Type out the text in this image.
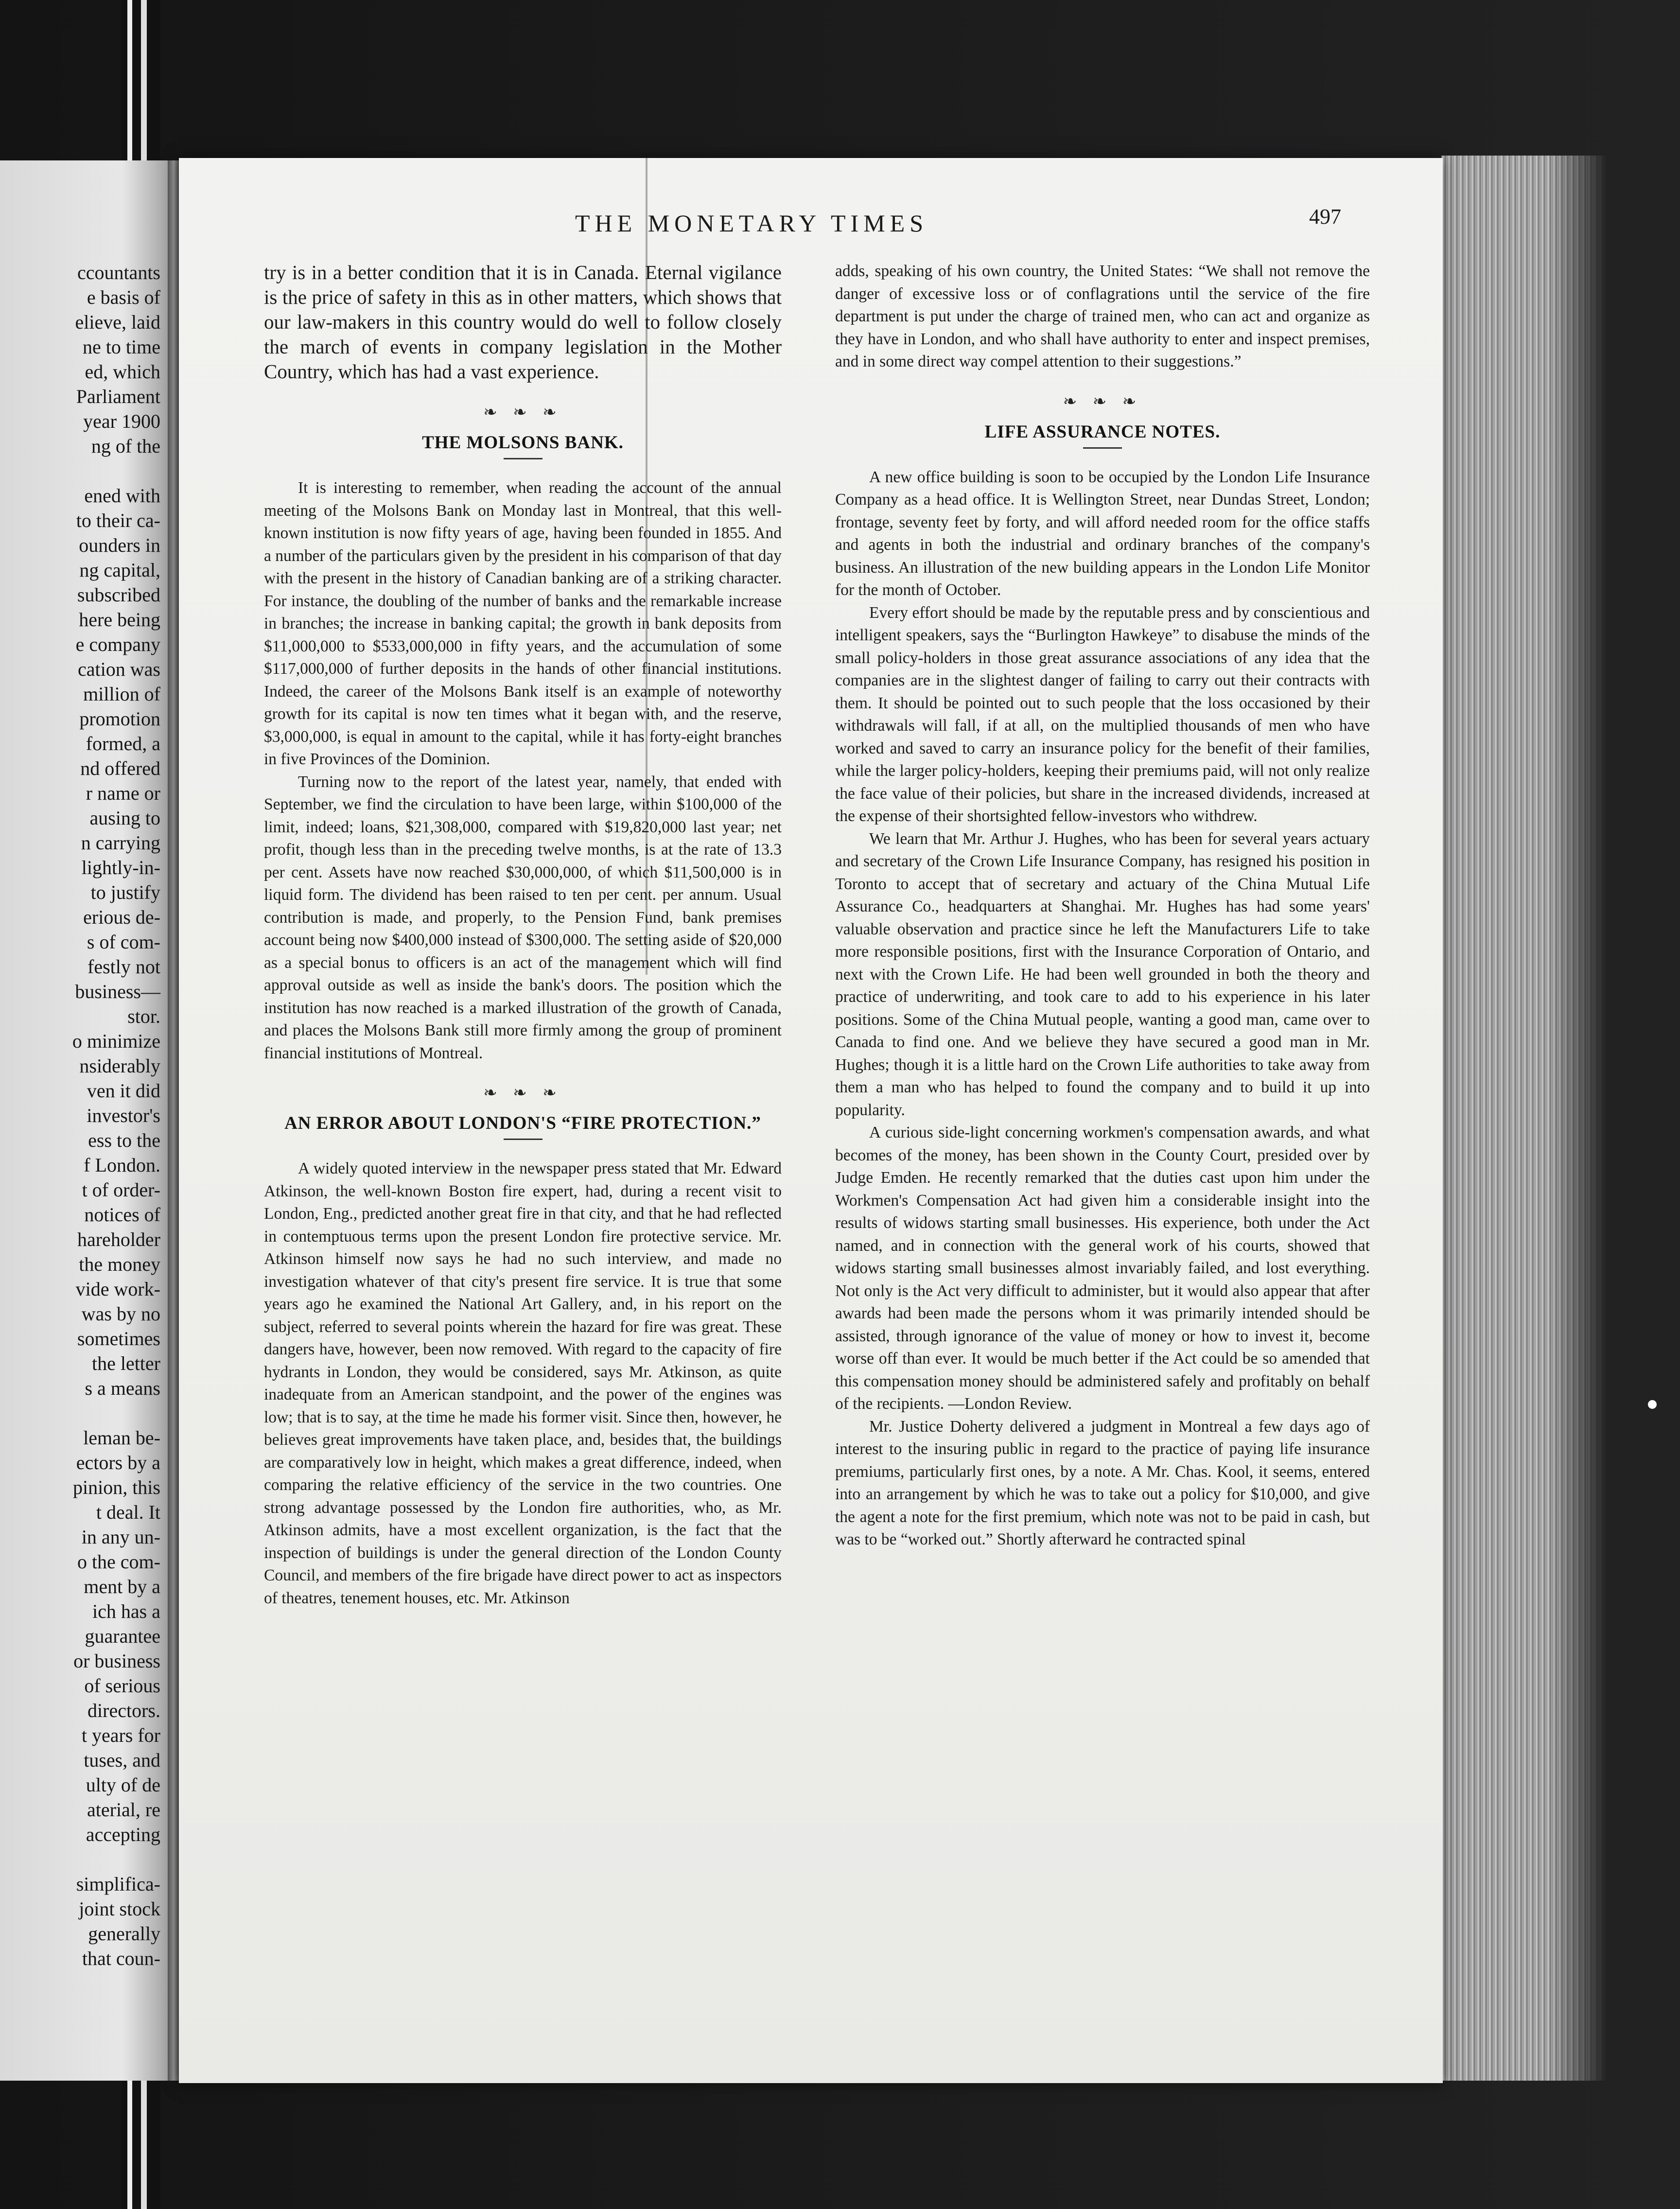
ccountants
e basis of
elieve, laid
ne to time
ed, which
Parliament
year 1900
ng of the

ened with
to their ca-
ounders in
ng capital,
subscribed
here being
e company
cation was
million of
promotion
formed, a
nd offered
r name or
ausing to
n carrying
lightly-in-
to justify
erious de-
s of com-
festly not
business—
stor.
o minimize
nsiderably
ven it did
investor's
ess to the
f London.
t of order-
notices of
hareholder
the money
vide work-
was by no
sometimes
the letter
s a means

leman be-
ectors by a
pinion, this
t deal. It
in any un-
o the com-
ment by a
ich has a
guarantee
or business
of serious
directors.
t years for
tuses, and
ulty of de
aterial, re
accepting

simplifica-
joint stock
generally
that coun-
THE MONETARY TIMES	497

try is in a better condition that it is in Canada. Eternal vigilance is the price of safety in this as in other matters, which shows that our law-makers in this country would do well to follow closely the march of events in company legislation in the Mother Country, which has had a vast experience.

❧ ❧ ❧
THE MOLSONS BANK.

It is interesting to remember, when reading the account of the annual meeting of the Molsons Bank on Monday last in Montreal, that this well-known institution is now fifty years of age, having been founded in 1855. And a number of the particulars given by the president in his comparison of that day with the present in the history of Canadian banking are of a striking character. For instance, the doubling of the number of banks and the remarkable increase in branches; the increase in banking capital; the growth in bank deposits from $11,000,000 to $533,000,000 in fifty years, and the accumulation of some $117,000,000 of further deposits in the hands of other financial institutions. Indeed, the career of the Molsons Bank itself is an example of noteworthy growth for its capital is now ten times what it began with, and the reserve, $3,000,000, is equal in amount to the capital, while it has forty-eight branches in five Provinces of the Dominion.

Turning now to the report of the latest year, namely, that ended with September, we find the circulation to have been large, within $100,000 of the limit, indeed; loans, $21,308,000, compared with $19,820,000 last year; net profit, though less than in the preceding twelve months, is at the rate of 13.3 per cent. Assets have now reached $30,000,000, of which $11,500,000 is in liquid form. The dividend has been raised to ten per cent. per annum. Usual contribution is made, and properly, to the Pension Fund, bank premises account being now $400,000 instead of $300,000. The setting aside of $20,000 as a special bonus to officers is an act of the management which will find approval outside as well as inside the bank's doors. The position which the institution has now reached is a marked illustration of the growth of Canada, and places the Molsons Bank still more firmly among the group of prominent financial institutions of Montreal.

❧ ❧ ❧
AN ERROR ABOUT LONDON'S “FIRE PROTECTION.”

A widely quoted interview in the newspaper press stated that Mr. Edward Atkinson, the well-known Boston fire expert, had, during a recent visit to London, Eng., predicted another great fire in that city, and that he had reflected in contemptuous terms upon the present London fire protective service. Mr. Atkinson himself now says he had no such interview, and made no investigation whatever of that city's present fire service. It is true that some years ago he examined the National Art Gallery, and, in his report on the subject, referred to several points wherein the hazard for fire was great. These dangers have, however, been now removed. With regard to the capacity of fire hydrants in London, they would be considered, says Mr. Atkinson, as quite inadequate from an American standpoint, and the power of the engines was low; that is to say, at the time he made his former visit. Since then, however, he believes great improvements have taken place, and, besides that, the buildings are comparatively low in height, which makes a great difference, indeed, when comparing the relative efficiency of the service in the two countries. One strong advantage possessed by the London fire authorities, who, as Mr. Atkinson admits, have a most excellent organization, is the fact that the inspection of buildings is under the general direction of the London County Council, and members of the fire brigade have direct power to act as inspectors of theatres, tenement houses, etc. Mr. Atkinson

adds, speaking of his own country, the United States: “We shall not remove the danger of excessive loss or of conflagrations until the service of the fire department is put under the charge of trained men, who can act and organize as they have in London, and who shall have authority to enter and inspect premises, and in some direct way compel attention to their suggestions.”

❧ ❧ ❧
LIFE ASSURANCE NOTES.

A new office building is soon to be occupied by the London Life Insurance Company as a head office. It is Wellington Street, near Dundas Street, London; frontage, seventy feet by forty, and will afford needed room for the office staffs and agents in both the industrial and ordinary branches of the company's business. An illustration of the new building appears in the London Life Monitor for the month of October.

Every effort should be made by the reputable press and by conscientious and intelligent speakers, says the “Burlington Hawkeye” to disabuse the minds of the small policy-holders in those great assurance associations of any idea that the companies are in the slightest danger of failing to carry out their contracts with them. It should be pointed out to such people that the loss occasioned by their withdrawals will fall, if at all, on the multiplied thousands of men who have worked and saved to carry an insurance policy for the benefit of their families, while the larger policy-holders, keeping their premiums paid, will not only realize the face value of their policies, but share in the increased dividends, increased at the expense of their shortsighted fellow-investors who withdrew.

We learn that Mr. Arthur J. Hughes, who has been for several years actuary and secretary of the Crown Life Insurance Company, has resigned his position in Toronto to accept that of secretary and actuary of the China Mutual Life Assurance Co., headquarters at Shanghai. Mr. Hughes has had some years' valuable observation and practice since he left the Manufacturers Life to take more responsible positions, first with the Insurance Corporation of Ontario, and next with the Crown Life. He had been well grounded in both the theory and practice of underwriting, and took care to add to his experience in his later positions. Some of the China Mutual people, wanting a good man, came over to Canada to find one. And we believe they have secured a good man in Mr. Hughes; though it is a little hard on the Crown Life authorities to take away from them a man who has helped to found the company and to build it up into popularity.

A curious side-light concerning workmen's compensation awards, and what becomes of the money, has been shown in the County Court, presided over by Judge Emden. He recently remarked that the duties cast upon him under the Workmen's Compensation Act had given him a considerable insight into the results of widows starting small businesses. His experience, both under the Act named, and in connection with the general work of his courts, showed that widows starting small businesses almost invariably failed, and lost everything. Not only is the Act very difficult to administer, but it would also appear that after awards had been made the persons whom it was primarily intended should be assisted, through ignorance of the value of money or how to invest it, become worse off than ever. It would be much better if the Act could be so amended that this compensation money should be administered safely and profitably on behalf of the recipients. —London Review.

Mr. Justice Doherty delivered a judgment in Montreal a few days ago of interest to the insuring public in regard to the practice of paying life insurance premiums, particularly first ones, by a note. A Mr. Chas. Kool, it seems, entered into an arrangement by which he was to take out a policy for $10,000, and give the agent a note for the first premium, which note was not to be paid in cash, but was to be “worked out.” Shortly afterward he contracted spinal
